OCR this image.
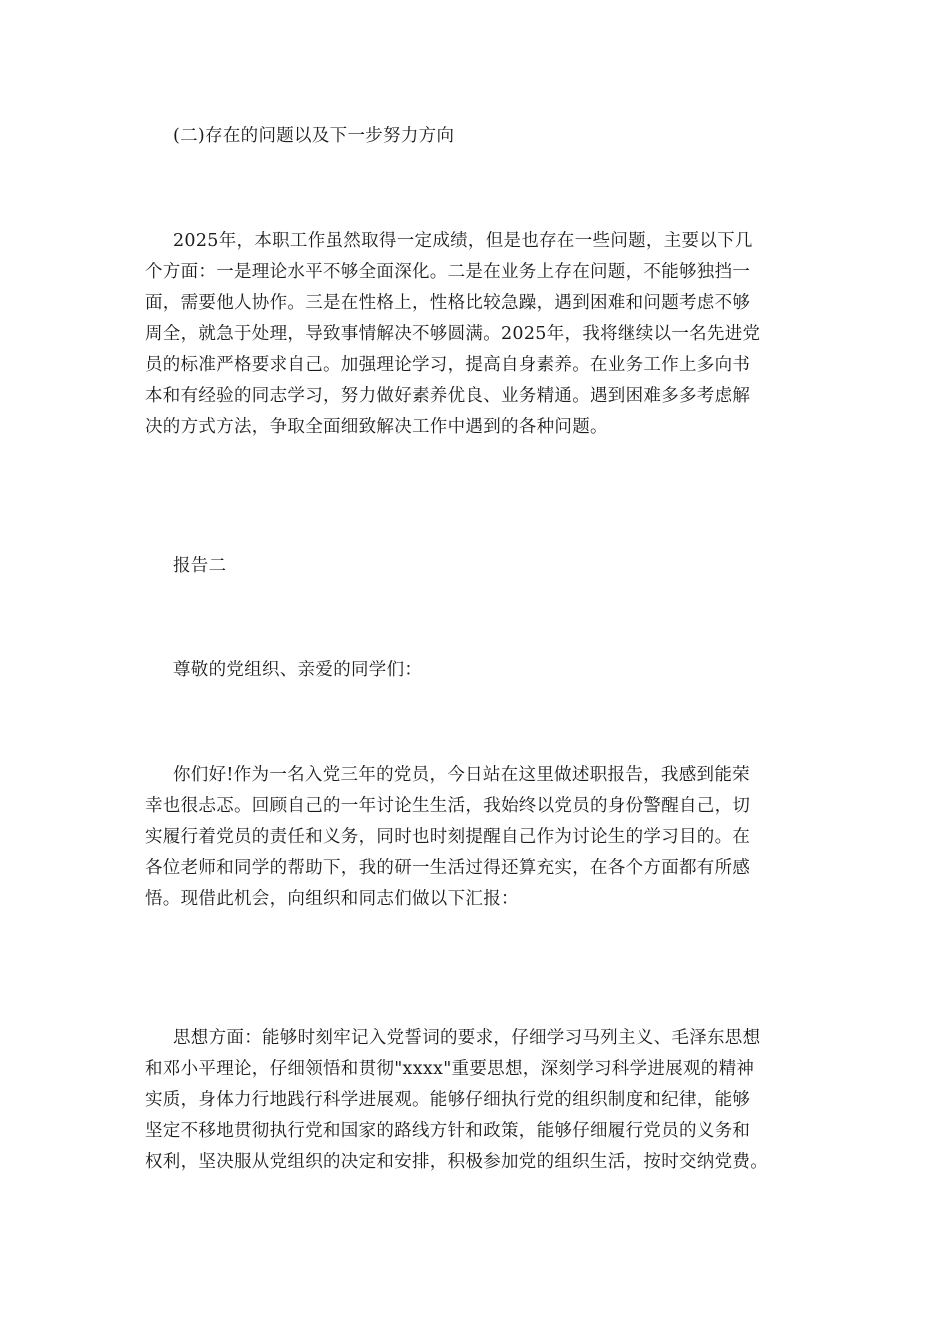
(二)存在的问题以及下一步努力方向
2025年，本职工作虽然取得一定成绩，但是也存在一些问题，主要以下几
个方面：一是理论水平不够全面深化。二是在业务上存在问题，不能够独挡一
面，需要他人协作。三是在性格上，性格比较急躁，遇到困难和问题考虑不够
周全，就急于处理，导致事情解决不够圆满。2025年，我将继续以一名先进党
员的标准严格要求自己。加强理论学习，提高自身素养。在业务工作上多向书
本和有经验的同志学习，努力做好素养优良、业务精通。遇到困难多多考虑解
决的方式方法，争取全面细致解决工作中遇到的各种问题。
报告二
尊敬的党组织、亲爱的同学们：
你们好!作为一名入党三年的党员，今日站在这里做述职报告，我感到能荣
幸也很忐忑。回顾自己的一年讨论生生活，我始终以党员的身份警醒自己，切
实履行着党员的责任和义务，同时也时刻提醒自己作为讨论生的学习目的。在
各位老师和同学的帮助下，我的研一生活过得还算充实，在各个方面都有所感
悟。现借此机会，向组织和同志们做以下汇报：
思想方面：能够时刻牢记入党誓词的要求，仔细学习马列主义、毛泽东思想
和邓小平理论，仔细领悟和贯彻"xxxx"重要思想，深刻学习科学进展观的精神
实质，身体力行地践行科学进展观。能够仔细执行党的组织制度和纪律，能够
坚定不移地贯彻执行党和国家的路线方针和政策，能够仔细履行党员的义务和
权利，坚决服从党组织的决定和安排，积极参加党的组织生活，按时交纳党费。
